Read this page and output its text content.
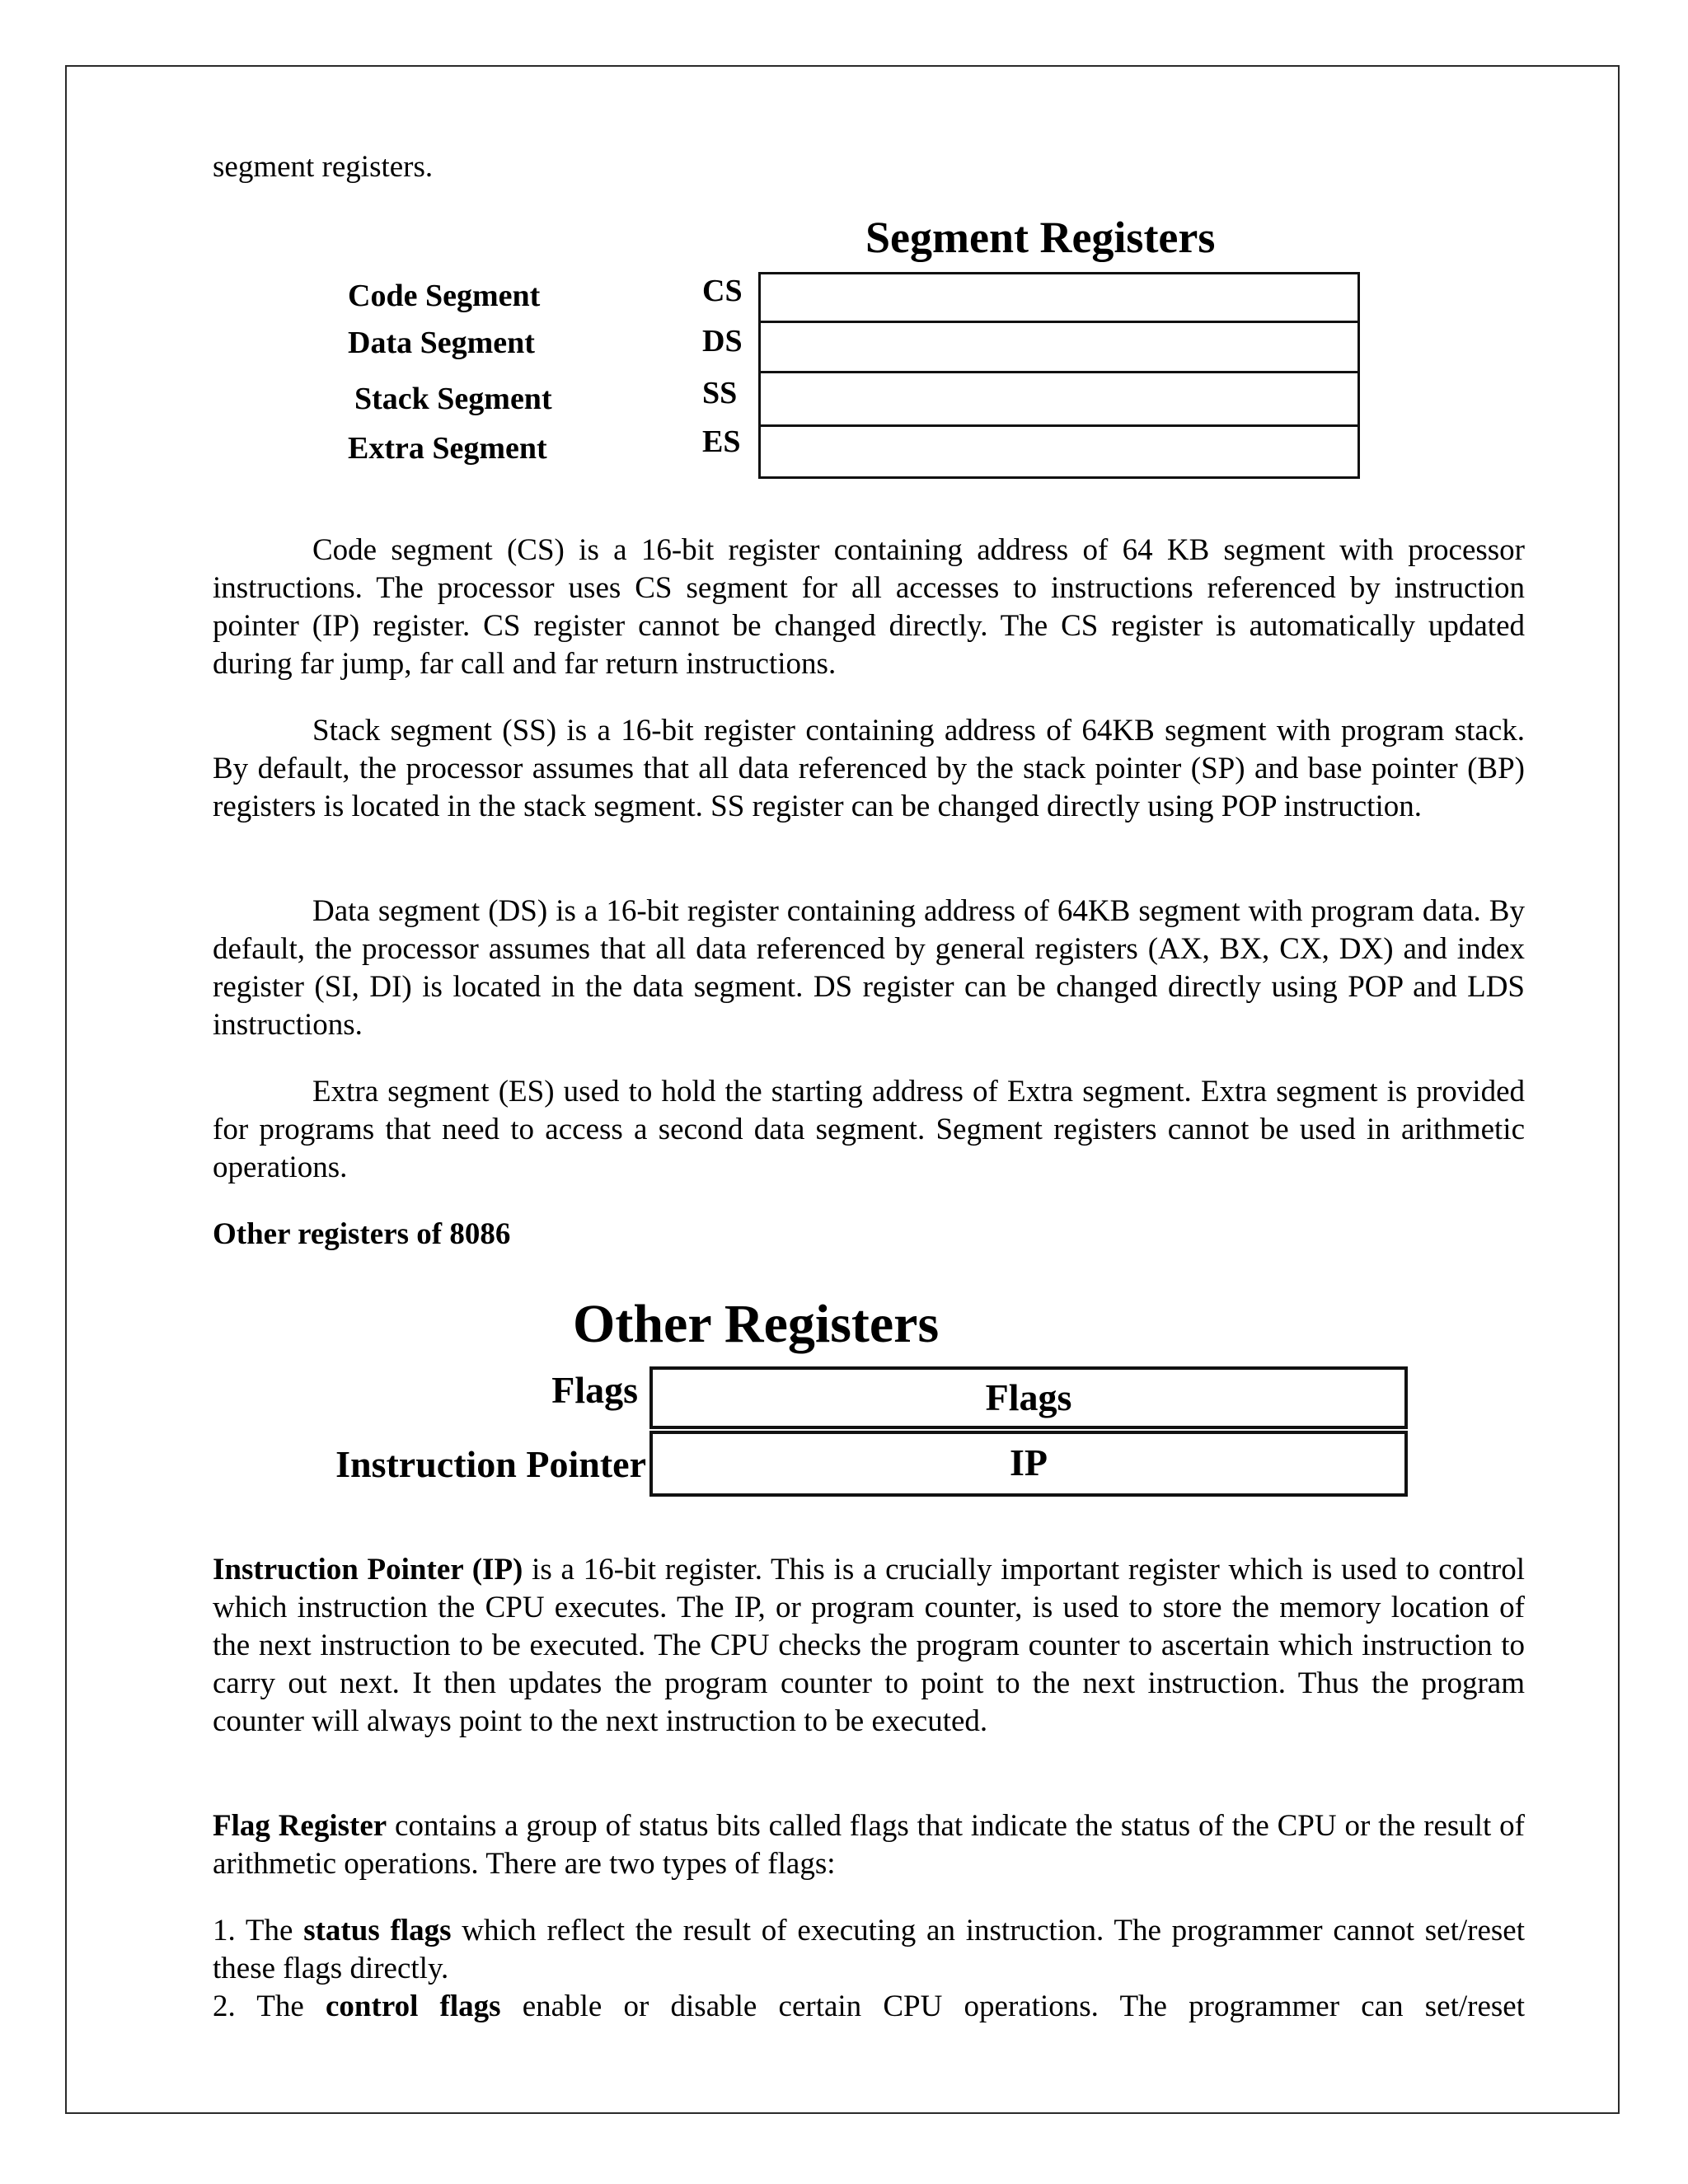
segment registers.

Segment Registers
Code Segment	CS
Data Segment	DS
Stack Segment	SS
Extra Segment	ES

Code segment (CS) is a 16-bit register containing address of 64 KB segment with processor instructions. The processor uses CS segment for all accesses to instructions referenced by instruction pointer (IP) register. CS register cannot be changed directly. The CS register is automatically updated during far jump, far call and far return instructions.

Stack segment (SS) is a 16-bit register containing address of 64KB segment with program stack. By default, the processor assumes that all data referenced by the stack pointer (SP) and base pointer (BP) registers is located in the stack segment. SS register can be changed directly using POP instruction.

Data segment (DS) is a 16-bit register containing address of 64KB segment with program data. By default, the processor assumes that all data referenced by general registers (AX, BX, CX, DX) and index register (SI, DI) is located in the data segment. DS register can be changed directly using POP and LDS instructions.

Extra segment (ES) used to hold the starting address of Extra segment. Extra segment is provided for programs that need to access a second data segment. Segment registers cannot be used in arithmetic operations.

Other registers of 8086

Other Registers
Flags	Flags
Instruction Pointer	IP

Instruction Pointer (IP) is a 16-bit register. This is a crucially important register which is used to control which instruction the CPU executes. The IP, or program counter, is used to store the memory location of the next instruction to be executed. The CPU checks the program counter to ascertain which instruction to carry out next. It then updates the program counter to point to the next instruction. Thus the program counter will always point to the next instruction to be executed.

Flag Register contains a group of status bits called flags that indicate the status of the CPU or the result of arithmetic operations. There are two types of flags:

1. The status flags which reflect the result of executing an instruction. The programmer cannot set/reset these flags directly.

2. The control flags enable or disable certain CPU operations. The programmer can set/reset
